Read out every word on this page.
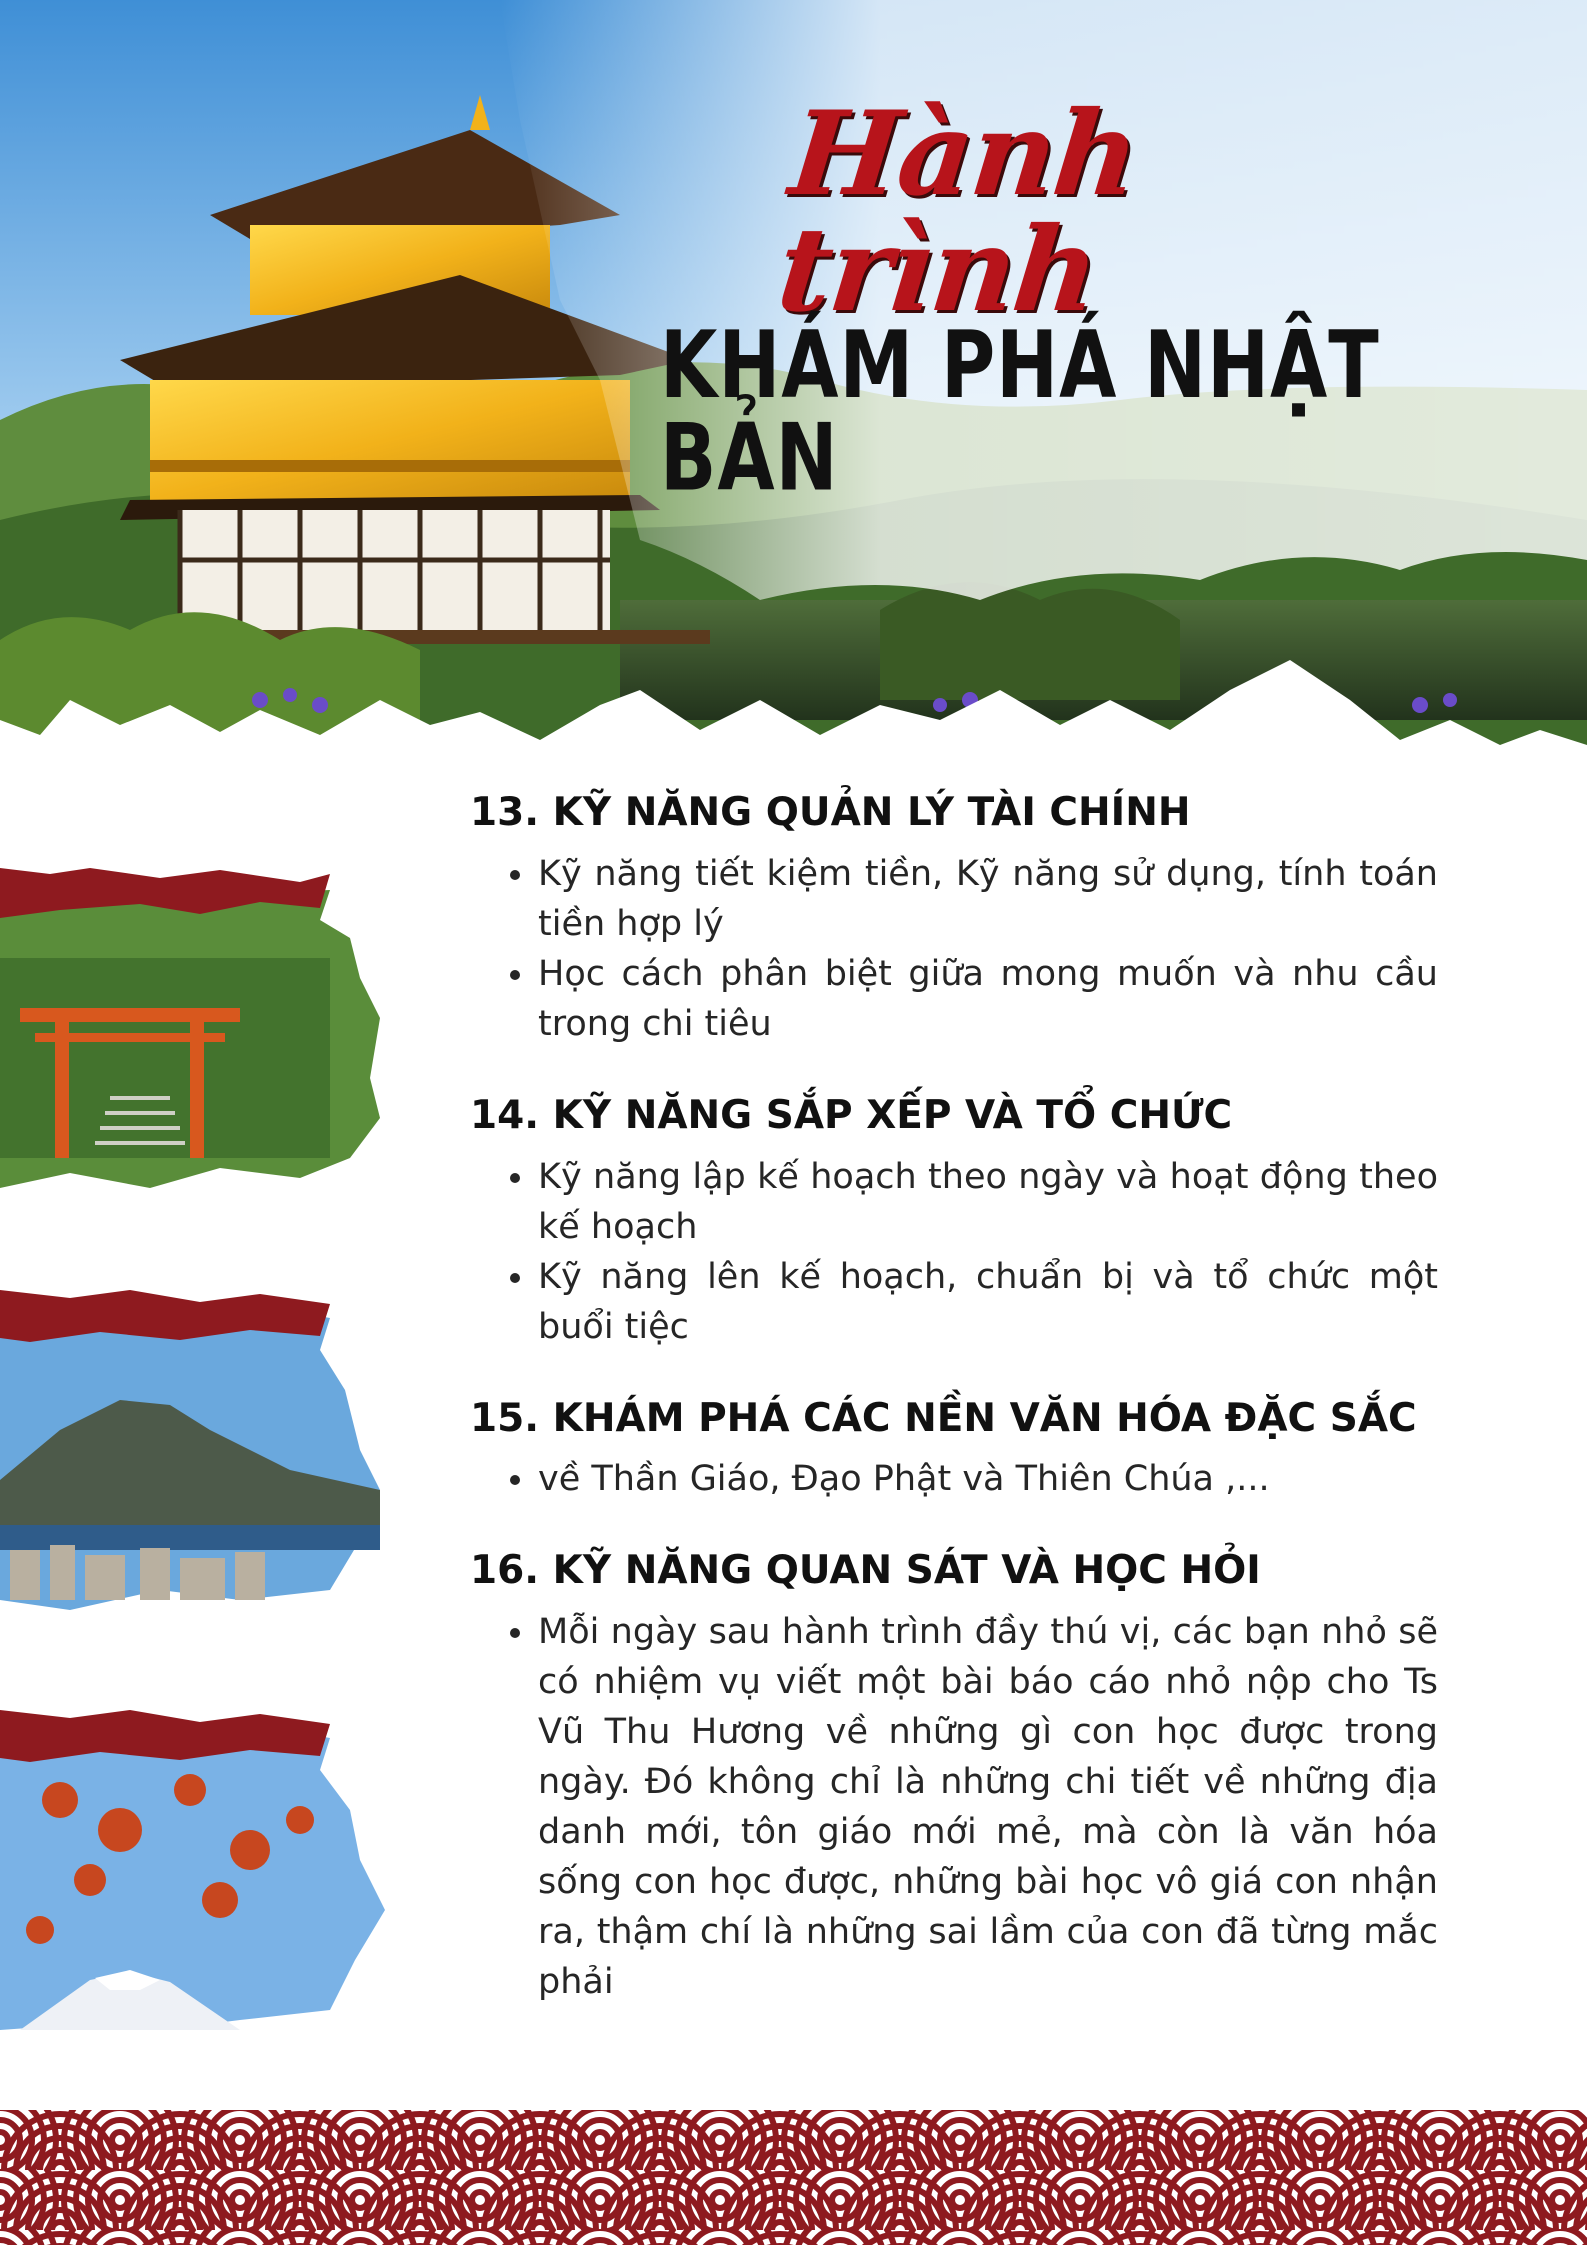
Hành trình
KHÁM PHÁ NHẬT BẢN
13. KỸ NĂNG QUẢN LÝ TÀI CHÍNH
Kỹ năng tiết kiệm tiền, Kỹ năng sử dụng, tính toán tiền hợp lý
Học cách phân biệt giữa mong muốn và nhu cầu trong chi tiêu
14. KỸ NĂNG SẮP XẾP VÀ TỔ CHỨC
Kỹ năng lập kế hoạch theo ngày và hoạt động theo kế hoạch
Kỹ năng lên kế hoạch, chuẩn bị và tổ chức một buổi tiệc
15. KHÁM PHÁ CÁC NỀN VĂN HÓA ĐẶC SẮC
về Thần Giáo, Đạo Phật và Thiên Chúa ,...
16. KỸ NĂNG QUAN SÁT VÀ HỌC HỎI
Mỗi ngày sau hành trình đầy thú vị, các bạn nhỏ sẽ có nhiệm vụ viết một bài báo cáo nhỏ nộp cho Ts Vũ Thu Hương về những gì con học được trong ngày. Đó không chỉ là những chi tiết về những địa danh mới, tôn giáo mới mẻ, mà còn là văn hóa sống con học được, những bài học vô giá con nhận ra, thậm chí là những sai lầm của con đã từng mắc phải
